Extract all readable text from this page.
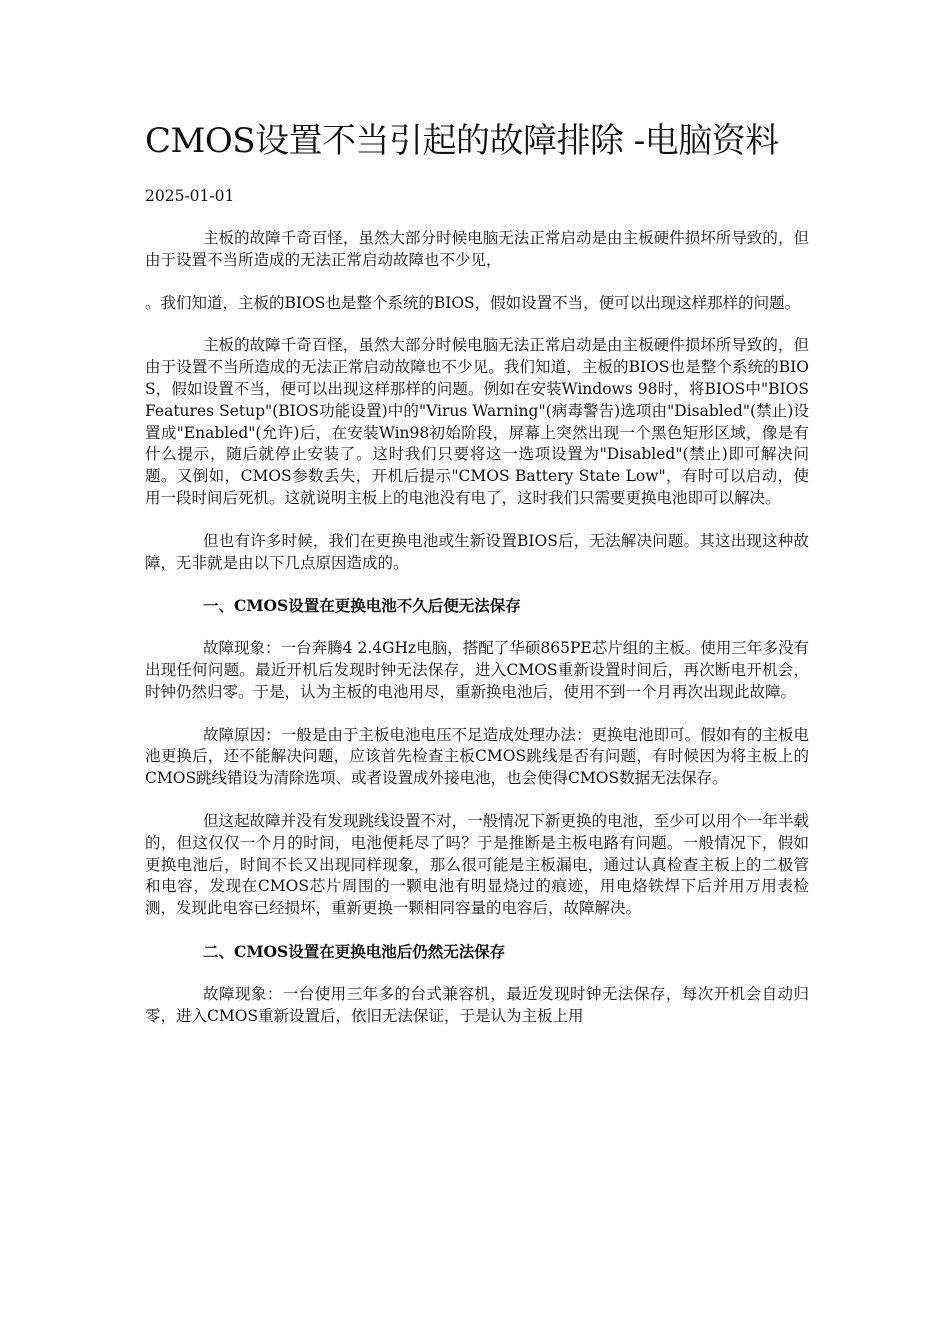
CMOS设置不当引起的故障排除 -电脑资料
2025-01-01

主板的故障千奇百怪，虽然大部分时候电脑无法正常启动是由主板硬件损坏所导致的，但由于设置不当所造成的无法正常启动故障也不少见，

。我们知道，主板的BIOS也是整个系统的BIOS，假如设置不当，便可以出现这样那样的问题。

主板的故障千奇百怪，虽然大部分时候电脑无法正常启动是由主板硬件损坏所导致的，但由于设置不当所造成的无法正常启动故障也不少见。我们知道，主板的BIOS也是整个系统的BIOS，假如设置不当，便可以出现这样那样的问题。例如在安装Windows 98时，将BIOS中"BIOS Features Setup"(BIOS功能设置)中的"Virus Warning"(病毒警告)选项由"Disabled"(禁止)设置成"Enabled"(允许)后，在安装Win98初始阶段，屏幕上突然出现一个黑色矩形区域，像是有什么提示，随后就停止安装了。这时我们只要将这一选项设置为"Disabled"(禁止)即可解决问题。又倒如，CMOS参数丢失，开机后提示"CMOS Battery State Low"，有时可以启动，使用一段时间后死机。这就说明主板上的电池没有电了，这时我们只需要更换电池即可以解决。

但也有许多时候，我们在更换电池或生新设置BIOS后，无法解决问题。其这出现这种故障，无非就是由以下几点原因造成的。

一、CMOS设置在更换电池不久后便无法保存

故障现象：一台奔腾4 2.4GHz电脑，搭配了华硕865PE芯片组的主板。使用三年多没有出现任何问题。最近开机后发现时钟无法保存，进入CMOS重新设置时间后，再次断电开机会，时钟仍然归零。于是，认为主板的电池用尽，重新换电池后，使用不到一个月再次出现此故障。

故障原因：一般是由于主板电池电压不足造成处理办法：更换电池即可。假如有的主板电池更换后，还不能解决问题，应该首先检查主板CMOS跳线是否有问题，有时候因为将主板上的CMOS跳线错设为清除选项、或者设置成外接电池，也会使得CMOS数据无法保存。

但这起故障并没有发现跳线设置不对，一般情况下新更换的电池，至少可以用个一年半载的，但这仅仅一个月的时间，电池便耗尽了吗？于是推断是主板电路有问题。一般情况下，假如更换电池后，时间不长又出现同样现象，那么很可能是主板漏电，通过认真检查主板上的二极管和电容，发现在CMOS芯片周围的一颗电池有明显烧过的痕迹，用电烙铁焊下后并用万用表检测，发现此电容已经损坏，重新更换一颗相同容量的电容后，故障解决。

二、CMOS设置在更换电池后仍然无法保存

故障现象：一台使用三年多的台式兼容机，最近发现时钟无法保存，每次开机会自动归零，进入CMOS重新设置后，依旧无法保证，于是认为主板上用
